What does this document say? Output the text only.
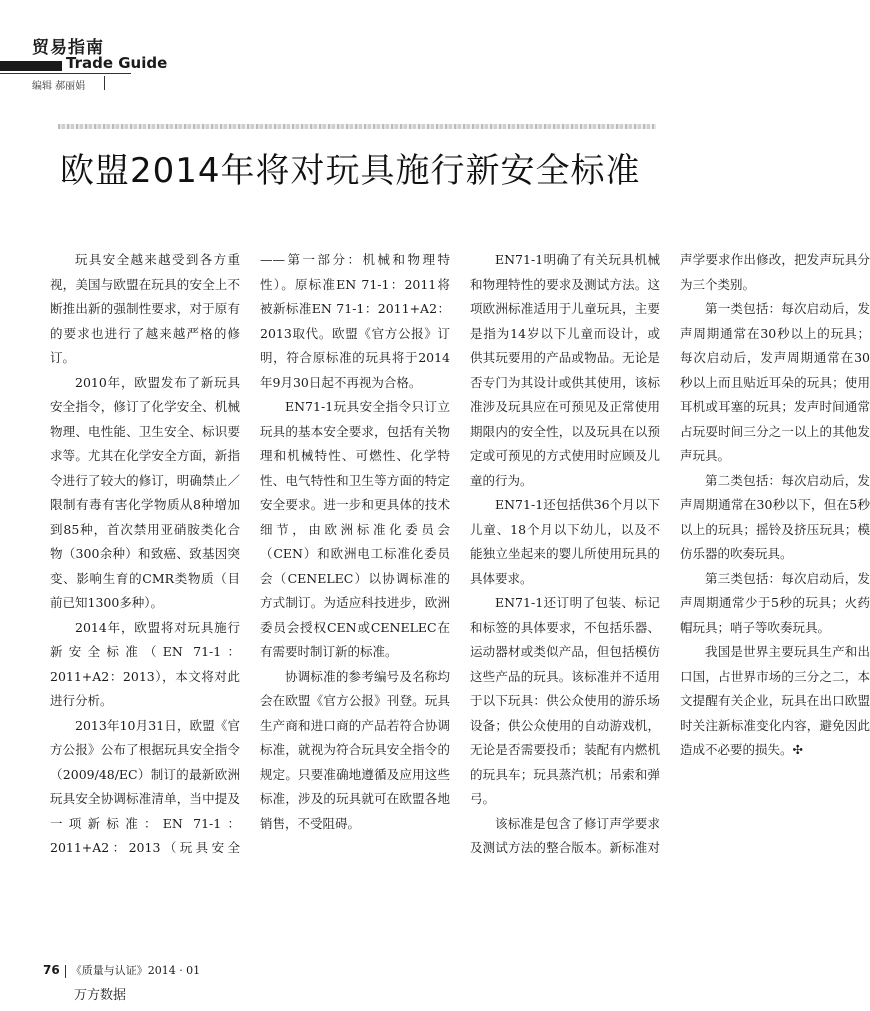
贸易指南
Trade Guide
编辑 郝丽娟
欧盟2014年将对玩具施行新安全标准

玩具安全越来越受到各方重视，美国与欧盟在玩具的安全上不断推出新的强制性要求，对于原有的要求也进行了越来越严格的修订。

2010年，欧盟发布了新玩具安全指令，修订了化学安全、机械物理、电性能、卫生安全、标识要求等。尤其在化学安全方面，新指令进行了较大的修订，明确禁止／限制有毒有害化学物质从8种增加到85种，首次禁用亚硝胺类化合物（300余种）和致癌、致基因突变、影响生育的CMR类物质（目前已知1300多种）。

2014年，欧盟将对玩具施行新安全标准（EN 71-1：2011+A2：2013），本文将对此进行分析。

2013年10月31日，欧盟《官方公报》公布了根据玩具安全指令（2009/48/EC）制订的最新欧洲玩具安全协调标准清单，当中提及一项新标准：EN 71-1：2011+A2：2013（玩具安全——第一部分：机械和物理特性）。原标准EN 71-1：2011将被新标准EN 71-1：2011+A2：2013取代。欧盟《官方公报》订明，符合原标准的玩具将于2014年9月30日起不再视为合格。

EN71-1玩具安全指令只订立玩具的基本安全要求，包括有关物理和机械特性、可燃性、化学特性、电气特性和卫生等方面的特定安全要求。进一步和更具体的技术细节，由欧洲标准化委员会（CEN）和欧洲电工标准化委员会（CENELEC）以协调标准的方式制订。为适应科技进步，欧洲委员会授权CEN或CENELEC在有需要时制订新的标准。

协调标准的参考编号及名称均会在欧盟《官方公报》刊登。玩具生产商和进口商的产品若符合协调标准，就视为符合玩具安全指令的规定。只要准确地遵循及应用这些标准，涉及的玩具就可在欧盟各地销售，不受阻碍。

EN71-1明确了有关玩具机械和物理特性的要求及测试方法。这项欧洲标准适用于儿童玩具，主要是指为14岁以下儿童而设计，或供其玩要用的产品或物品。无论是否专门为其设计或供其使用，该标准涉及玩具应在可预见及正常使用期限内的安全性，以及玩具在以预定或可预见的方式使用时应顾及儿童的行为。

EN71-1还包括供36个月以下儿童、18个月以下幼儿，以及不能独立坐起来的婴儿所使用玩具的具体要求。

EN71-1还订明了包装、标记和标签的具体要求，不包括乐器、运动器材或类似产品，但包括模仿这些产品的玩具。该标准并不适用于以下玩具：供公众使用的游乐场设备；供公众使用的自动游戏机，无论是否需要投币；装配有内燃机的玩具车；玩具蒸汽机；吊索和弹弓。

该标准是包含了修订声学要求及测试方法的整合版本。新标准对声学要求作出修改，把发声玩具分为三个类别。

第一类包括：每次启动后，发声周期通常在30秒以上的玩具；每次启动后，发声周期通常在30秒以上而且贴近耳朵的玩具；使用耳机或耳塞的玩具；发声时间通常占玩耍时间三分之一以上的其他发声玩具。

第二类包括：每次启动后，发声周期通常在30秒以下，但在5秒以上的玩具；摇铃及挤压玩具；模仿乐器的吹奏玩具。

第三类包括：每次启动后，发声周期通常少于5秒的玩具；火药帽玩具；哨子等吹奏玩具。

我国是世界主要玩具生产和出口国，占世界市场的三分之二，本文提醒有关企业，玩具在出口欧盟时关注新标准变化内容，避免因此造成不必要的损失。✣

76 《质量与认证》2014 · 01
万方数据
